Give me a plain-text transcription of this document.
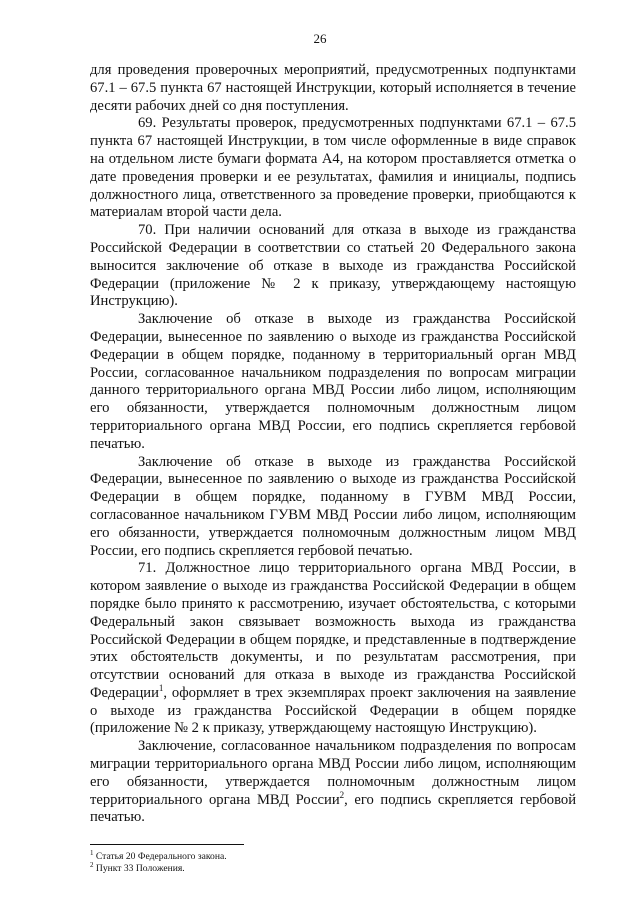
26

для проведения проверочных мероприятий, предусмотренных подпунктами 67.1 – 67.5 пункта 67 настоящей Инструкции, который исполняется в течение десяти рабочих дней со дня поступления.

69. Результаты проверок, предусмотренных подпунктами 67.1 – 67.5 пункта 67 настоящей Инструкции, в том числе оформленные в виде справок на отдельном листе бумаги формата А4, на котором проставляется отметка о дате проведения проверки и ее результатах, фамилия и инициалы, подпись должностного лица, ответственного за проведение проверки, приобщаются к материалам второй части дела.

70. При наличии оснований для отказа в выходе из гражданства Российской Федерации в соответствии со статьей 20 Федерального закона выносится заключение об отказе в выходе из гражданства Российской Федерации (приложение № 2 к приказу, утверждающему настоящую Инструкцию).

Заключение об отказе в выходе из гражданства Российской Федерации, вынесенное по заявлению о выходе из гражданства Российской Федерации в общем порядке, поданному в территориальный орган МВД России, согласованное начальником подразделения по вопросам миграции данного территориального органа МВД России либо лицом, исполняющим его обязанности, утверждается полномочным должностным лицом территориального органа МВД России, его подпись скрепляется гербовой печатью.

Заключение об отказе в выходе из гражданства Российской Федерации, вынесенное по заявлению о выходе из гражданства Российской Федерации в общем порядке, поданному в ГУВМ МВД России, согласованное начальником ГУВМ МВД России либо лицом, исполняющим его обязанности, утверждается полномочным должностным лицом МВД России, его подпись скрепляется гербовой печатью.

71. Должностное лицо территориального органа МВД России, в котором заявление о выходе из гражданства Российской Федерации в общем порядке было принято к рассмотрению, изучает обстоятельства, с которыми Федеральный закон связывает возможность выхода из гражданства Российской Федерации в общем порядке, и представленные в подтверждение этих обстоятельств документы, и по результатам рассмотрения, при отсутствии оснований для отказа в выходе из гражданства Российской Федерации$^1$, оформляет в трех экземплярах проект заключения на заявление о выходе из гражданства Российской Федерации в общем порядке (приложение № 2 к приказу, утверждающему настоящую Инструкцию).

Заключение, согласованное начальником подразделения по вопросам миграции территориального органа МВД России либо лицом, исполняющим его обязанности, утверждается полномочным должностным лицом территориального органа МВД России$^2$, его подпись скрепляется гербовой печатью.

$^1$ Статья 20 Федерального закона.

$^2$ Пункт 33 Положения.
